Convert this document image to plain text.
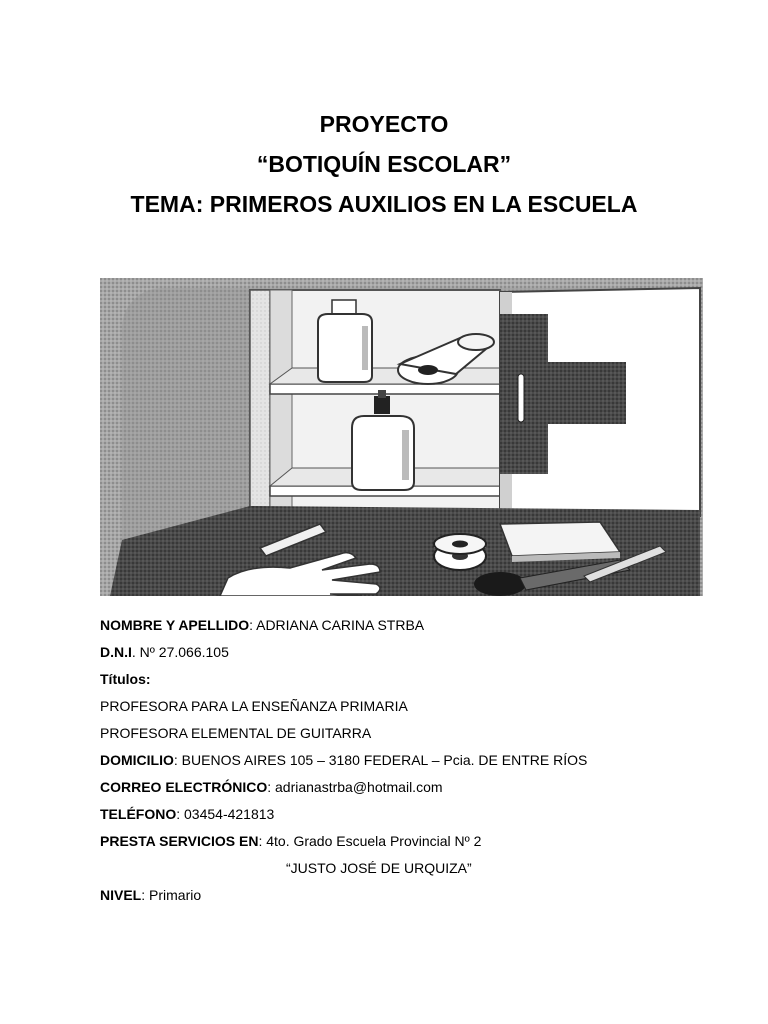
PROYECTO
“BOTIQUÍN ESCOLAR”
TEMA: PRIMEROS AUXILIOS EN LA ESCUELA
NOMBRE Y APELLIDO: ADRIANA CARINA STRBA
D.N.I. Nº 27.066.105
Títulos:
PROFESORA PARA LA ENSEÑANZA PRIMARIA
PROFESORA ELEMENTAL DE GUITARRA
DOMICILIO: BUENOS AIRES 105 – 3180 FEDERAL – Pcia. DE ENTRE RÍOS
CORREO ELECTRÓNICO: adrianastrba@hotmail.com
TELÉFONO: 03454-421813
PRESTA SERVICIOS EN: 4to. Grado Escuela Provincial Nº 2
“JUSTO JOSÉ DE URQUIZA”
NIVEL: Primario
